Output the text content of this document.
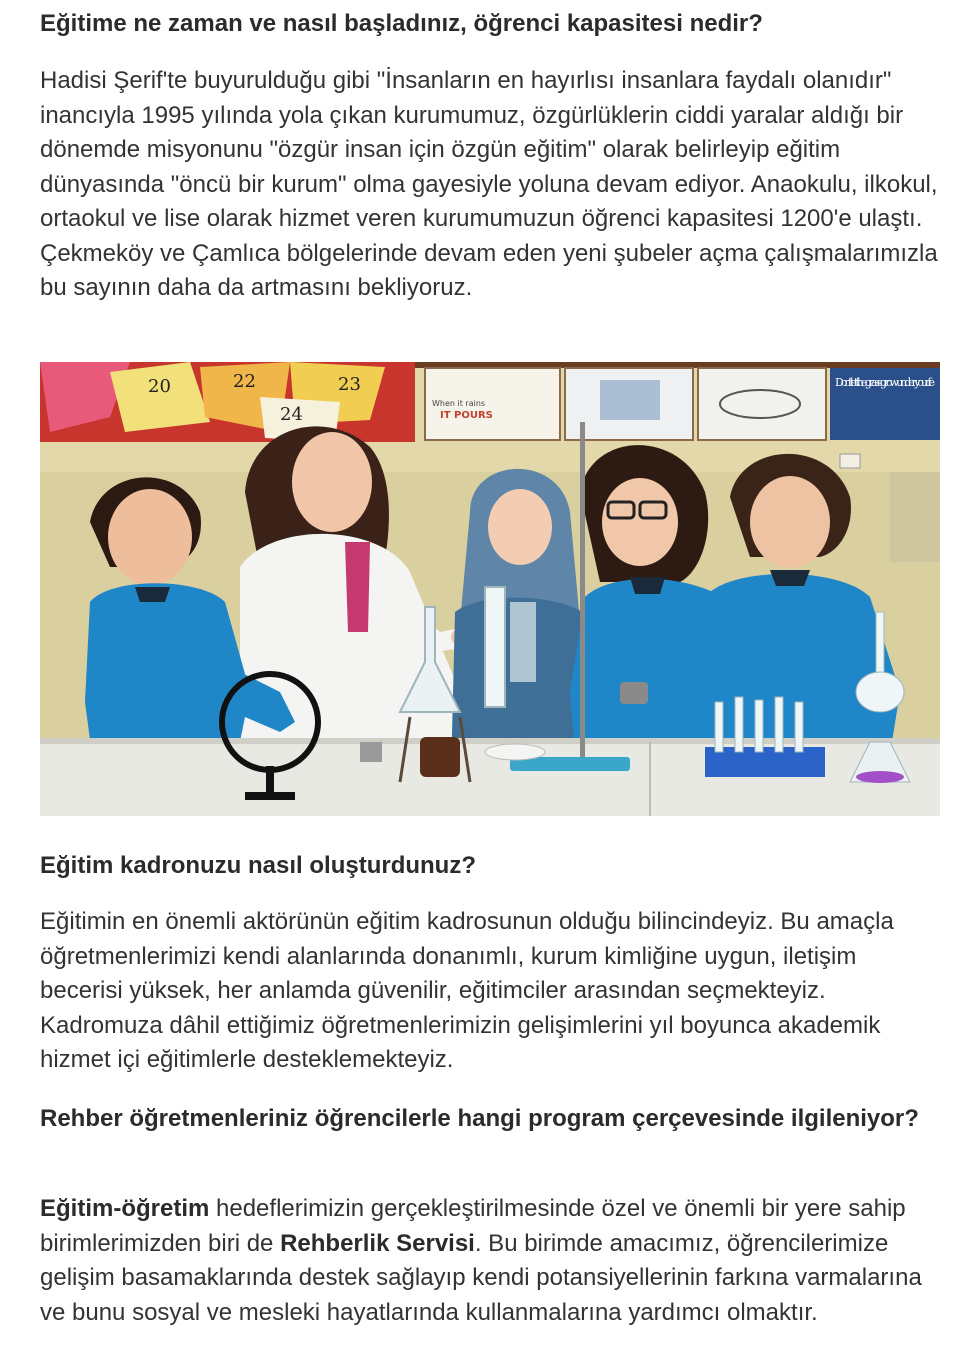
Eğitime ne zaman ve nasıl başladınız, öğrenci kapasitesi nedir?

Hadisi Şerif'te buyurulduğu gibi "İnsanların en hayırlısı insanlara faydalı olanıdır" inancıyla 1995 yılında yola çıkan kurumumuz, özgürlüklerin ciddi yaralar aldığı bir dönemde misyonunu "özgür insan için özgün eğitim" olarak belirleyip eğitim dünyasında "öncü bir kurum" olma gayesiyle yoluna devam ediyor. Anaokulu, ilkokul, ortaokul ve lise olarak hizmet veren kurumumuzun öğrenci kapasitesi 1200'e ulaştı. Çekmeköy ve Çamlıca bölgelerinde devam eden yeni şubeler açma çalışmalarımızla bu sayının daha da artmasını bekliyoruz.

20	22	23
24
When it rains
IT POURS
Don't let the grass grow under your fe
Eğitim kadronuzu nasıl oluşturdunuz?

Eğitimin en önemli aktörünün eğitim kadrosunun olduğu bilincindeyiz. Bu amaçla öğretmenlerimizi kendi alanlarında donanımlı, kurum kimliğine uygun, iletişim becerisi yüksek, her anlamda güvenilir, eğitimciler arasından seçmekteyiz. Kadromuza dâhil ettiğimiz öğretmenlerimizin gelişimlerini yıl boyunca akademik hizmet içi eğitimlerle desteklemekteyiz.

Rehber öğretmenleriniz öğrencilerle hangi program çerçevesinde ilgileniyor?

Eğitim-öğretim hedeflerimizin gerçekleştirilmesinde özel ve önemli bir yere sahip birimlerimizden biri de Rehberlik Servisi. Bu birimde amacımız, öğrencilerimize gelişim basamaklarında destek sağlayıp kendi potansiyellerinin farkına varmalarına ve bunu sosyal ve mesleki hayatlarında kullanmalarına yardımcı olmaktır.
